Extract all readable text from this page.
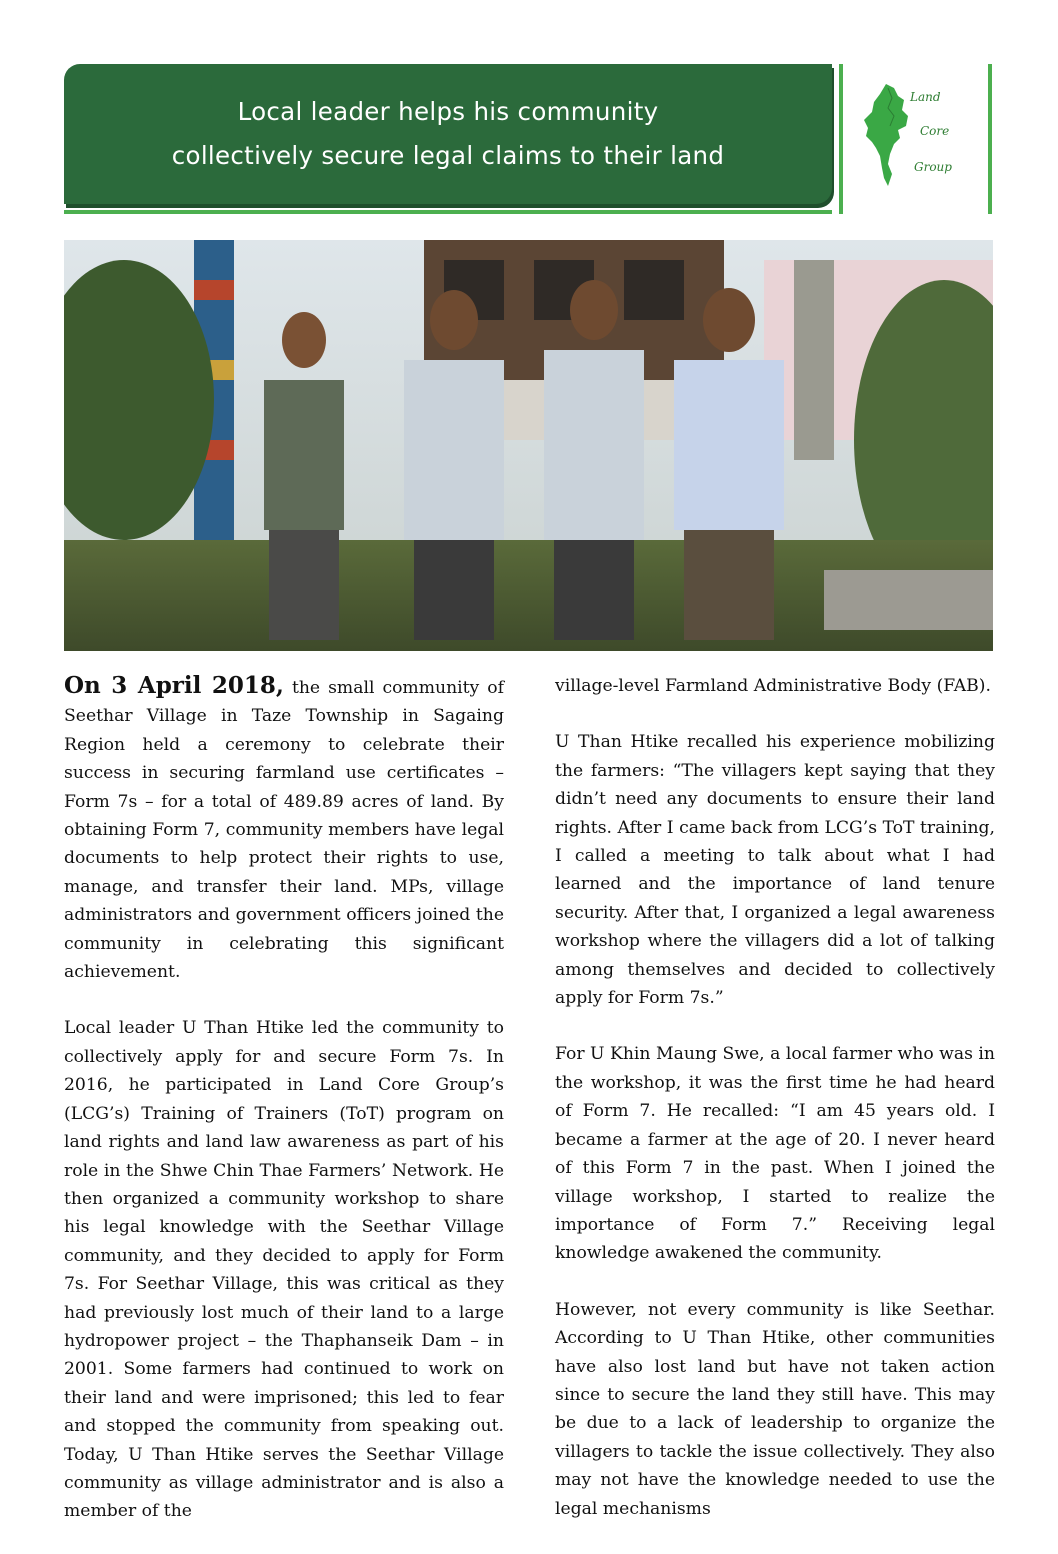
Local leader helps his community
collectively secure legal claims to their land
Land
Core
Group

On 3 April 2018, the small community of Seethar Village in Taze Township in Sagaing Region held a ceremony to celebrate their success in securing farmland use certificates – Form 7s – for a total of 489.89 acres of land. By obtaining Form 7, community members have legal documents to help protect their rights to use, manage, and transfer their land. MPs, village administrators and government officers joined the community in celebrating this significant achievement.

Local leader U Than Htike led the community to collectively apply for and secure Form 7s. In 2016, he participated in Land Core Group’s (LCG’s) Training of Trainers (ToT) program on land rights and land law awareness as part of his role in the Shwe Chin Thae Farmers’ Network. He then organized a community workshop to share his legal knowledge with the Seethar Village community, and they decided to apply for Form 7s. For Seethar Village, this was critical as they had previously lost much of their land to a large hydropower project – the Thaphanseik Dam – in 2001. Some farmers had continued to work on their land and were imprisoned; this led to fear and stopped the community from speaking out. Today, U Than Htike serves the Seethar Village community as village administrator and is also a member of the

village-level Farmland Administrative Body (FAB).

U Than Htike recalled his experience mobilizing the farmers: “The villagers kept saying that they didn’t need any documents to ensure their land rights. After I came back from LCG’s ToT training, I called a meeting to talk about what I had learned and the importance of land tenure security. After that, I organized a legal awareness workshop where the villagers did a lot of talking among themselves and decided to collectively apply for Form 7s.”

For U Khin Maung Swe, a local farmer who was in the workshop, it was the first time he had heard of Form 7. He recalled: “I am 45 years old. I became a farmer at the age of 20. I never heard of this Form 7 in the past. When I joined the village workshop, I started to realize the importance of Form 7.” Receiving legal knowledge awakened the community.

However, not every community is like Seethar. According to U Than Htike, other communities have also lost land but have not taken action since to secure the land they still have. This may be due to a lack of leadership to organize the villagers to tackle the issue collectively. They also may not have the knowledge needed to use the legal mechanisms
